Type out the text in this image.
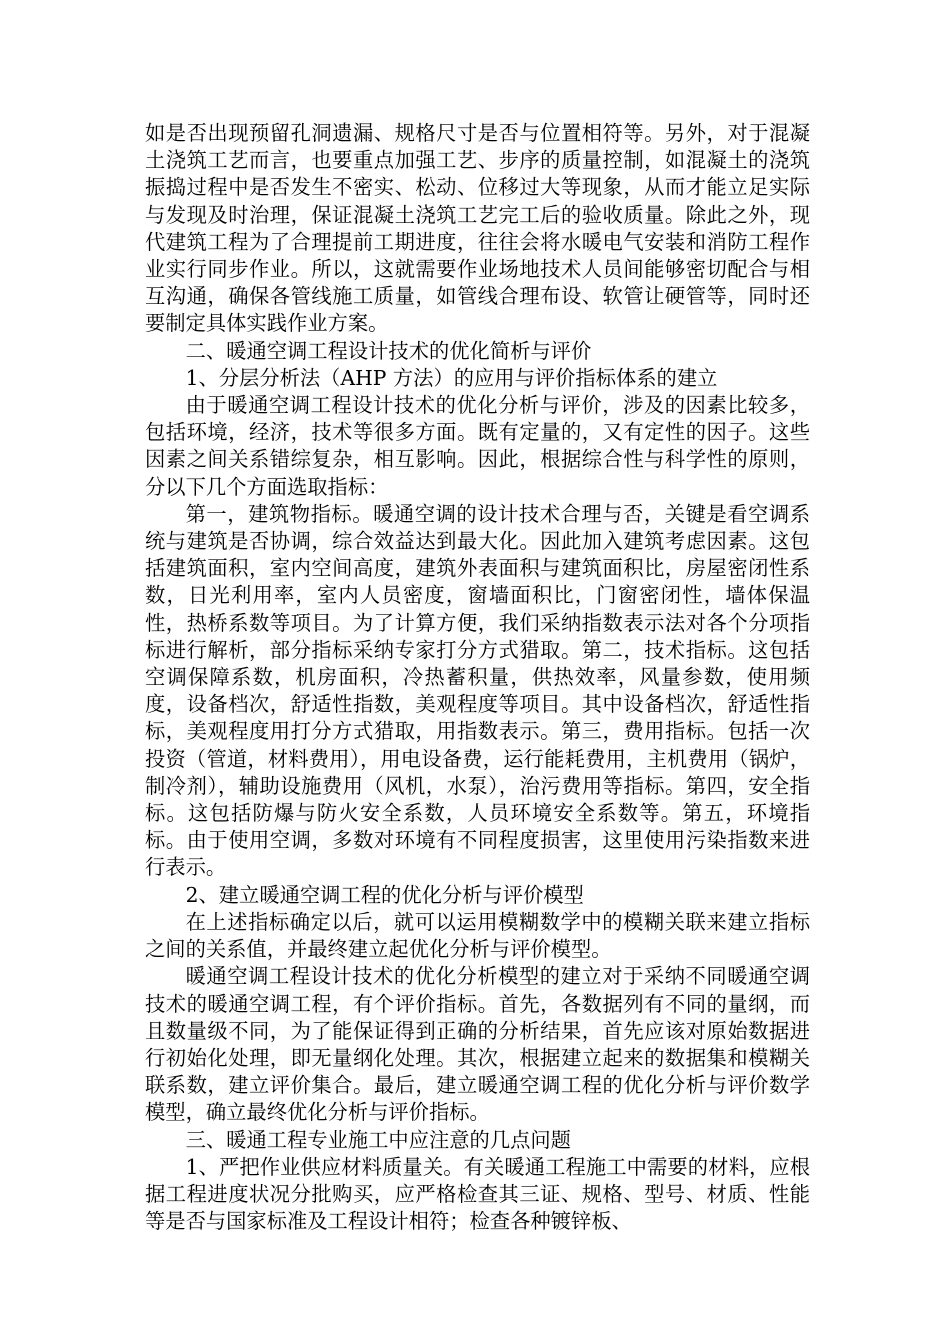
如是否出现预留孔洞遗漏、规格尺寸是否与位置相符等。另外，对于混凝土浇筑工艺而言，也要重点加强工艺、步序的质量控制，如混凝土的浇筑振捣过程中是否发生不密实、松动、位移过大等现象，从而才能立足实际与发现及时治理，保证混凝土浇筑工艺完工后的验收质量。除此之外，现代建筑工程为了合理提前工期进度，往往会将水暖电气安装和消防工程作业实行同步作业。所以，这就需要作业场地技术人员间能够密切配合与相互沟通，确保各管线施工质量，如管线合理布设、软管让硬管等，同时还要制定具体实践作业方案。

二、暖通空调工程设计技术的优化简析与评价

1、分层分析法（AHP 方法）的应用与评价指标体系的建立

由于暖通空调工程设计技术的优化分析与评价，涉及的因素比较多，包括环境，经济，技术等很多方面。既有定量的，又有定性的因子。这些因素之间关系错综复杂，相互影响。因此，根据综合性与科学性的原则，分以下几个方面选取指标：

第一，建筑物指标。暖通空调的设计技术合理与否，关键是看空调系统与建筑是否协调，综合效益达到最大化。因此加入建筑考虑因素。这包括建筑面积，室内空间高度，建筑外表面积与建筑面积比，房屋密闭性系数，日光利用率，室内人员密度，窗墙面积比，门窗密闭性，墙体保温性，热桥系数等项目。为了计算方便，我们采纳指数表示法对各个分项指标进行解析，部分指标采纳专家打分方式猎取。第二，技术指标。这包括空调保障系数，机房面积，冷热蓄积量，供热效率，风量参数，使用频度，设备档次，舒适性指数，美观程度等项目。其中设备档次，舒适性指标，美观程度用打分方式猎取，用指数表示。第三，费用指标。包括一次投资（管道，材料费用），用电设备费，运行能耗费用，主机费用（锅炉，制冷剂），辅助设施费用（风机，水泵），治污费用等指标。第四，安全指标。这包括防爆与防火安全系数，人员环境安全系数等。第五，环境指标。由于使用空调，多数对环境有不同程度损害，这里使用污染指数来进行表示。

2、建立暖通空调工程的优化分析与评价模型

在上述指标确定以后，就可以运用模糊数学中的模糊关联来建立指标之间的关系值，并最终建立起优化分析与评价模型。

暖通空调工程设计技术的优化分析模型的建立对于采纳不同暖通空调技术的暖通空调工程，有个评价指标。首先，各数据列有不同的量纲，而且数量级不同，为了能保证得到正确的分析结果，首先应该对原始数据进行初始化处理，即无量纲化处理。其次，根据建立起来的数据集和模糊关联系数，建立评价集合。最后，建立暖通空调工程的优化分析与评价数学模型，确立最终优化分析与评价指标。

三、暖通工程专业施工中应注意的几点问题

1、严把作业供应材料质量关。有关暖通工程施工中需要的材料，应根据工程进度状况分批购买，应严格检查其三证、规格、型号、材质、性能等是否与国家标准及工程设计相符；检查各种镀锌板、
